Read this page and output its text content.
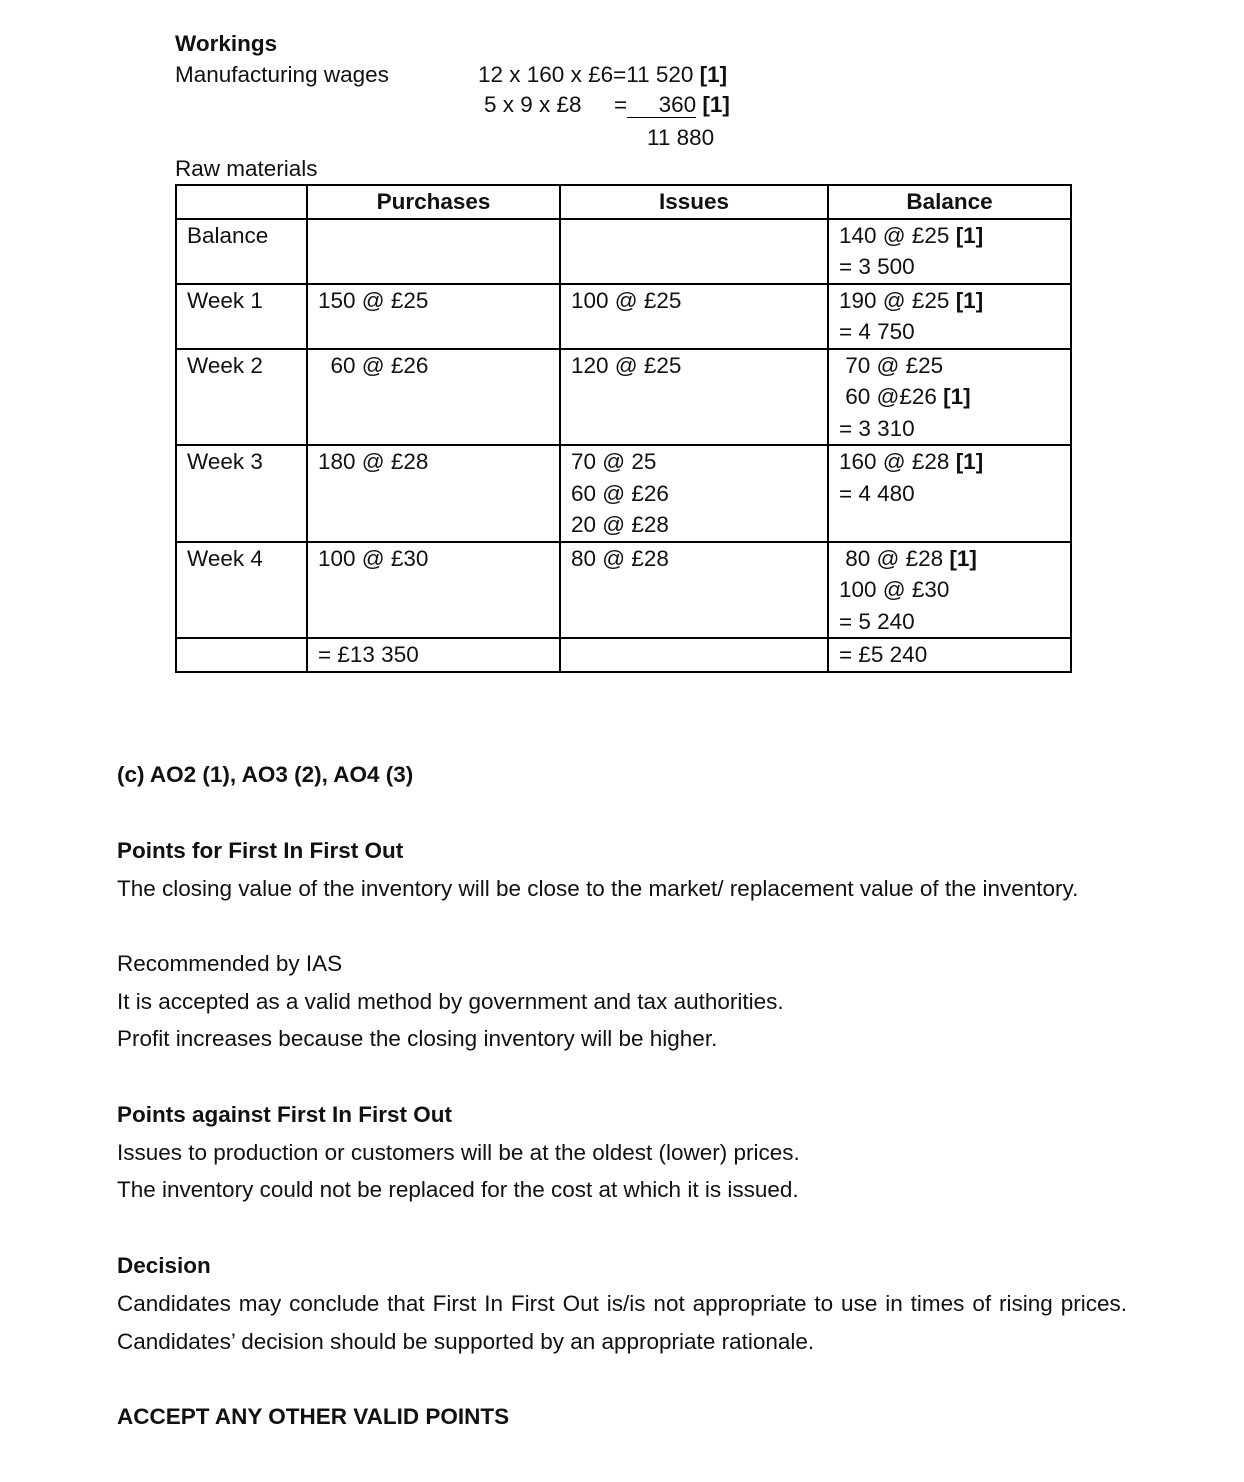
Workings
Manufacturing wages	12 x 160 x £6=11 520 [1]
5 x 9 x £8 = 360 [1]
11 880
Raw materials
	Purchases	Issues	Balance
Balance			140 @ £25 [1]
= 3 500

Week 1	150 @ £25	100 @ £25	190 @ £25 [1]
= 4 750

Week 2	60 @ £26	120 @ £25	70 @ £25
60 @£26 [1]
= 3 310

Week 3	180 @ £28	70 @ 25
60 @ £26
20 @ £28	160 @ £28 [1]
= 4 480

Week 4	100 @ £30	80 @ £28	80 @ £28 [1]
100 @ £30
= 5 240

	= £13 350		= £5 240
(c) AO2 (1), AO3 (2), AO4 (3)
Points for First In First Out
The closing value of the inventory will be close to the market/ replacement value of the inventory.
Recommended by IAS
It is accepted as a valid method by government and tax authorities.
Profit increases because the closing inventory will be higher.
Points against First In First Out
Issues to production or customers will be at the oldest (lower) prices.
The inventory could not be replaced for the cost at which it is issued.
Decision
Candidates may conclude that First In First Out is/is not appropriate to use in times of rising prices. Candidates’ decision should be supported by an appropriate rationale.
ACCEPT ANY OTHER VALID POINTS
